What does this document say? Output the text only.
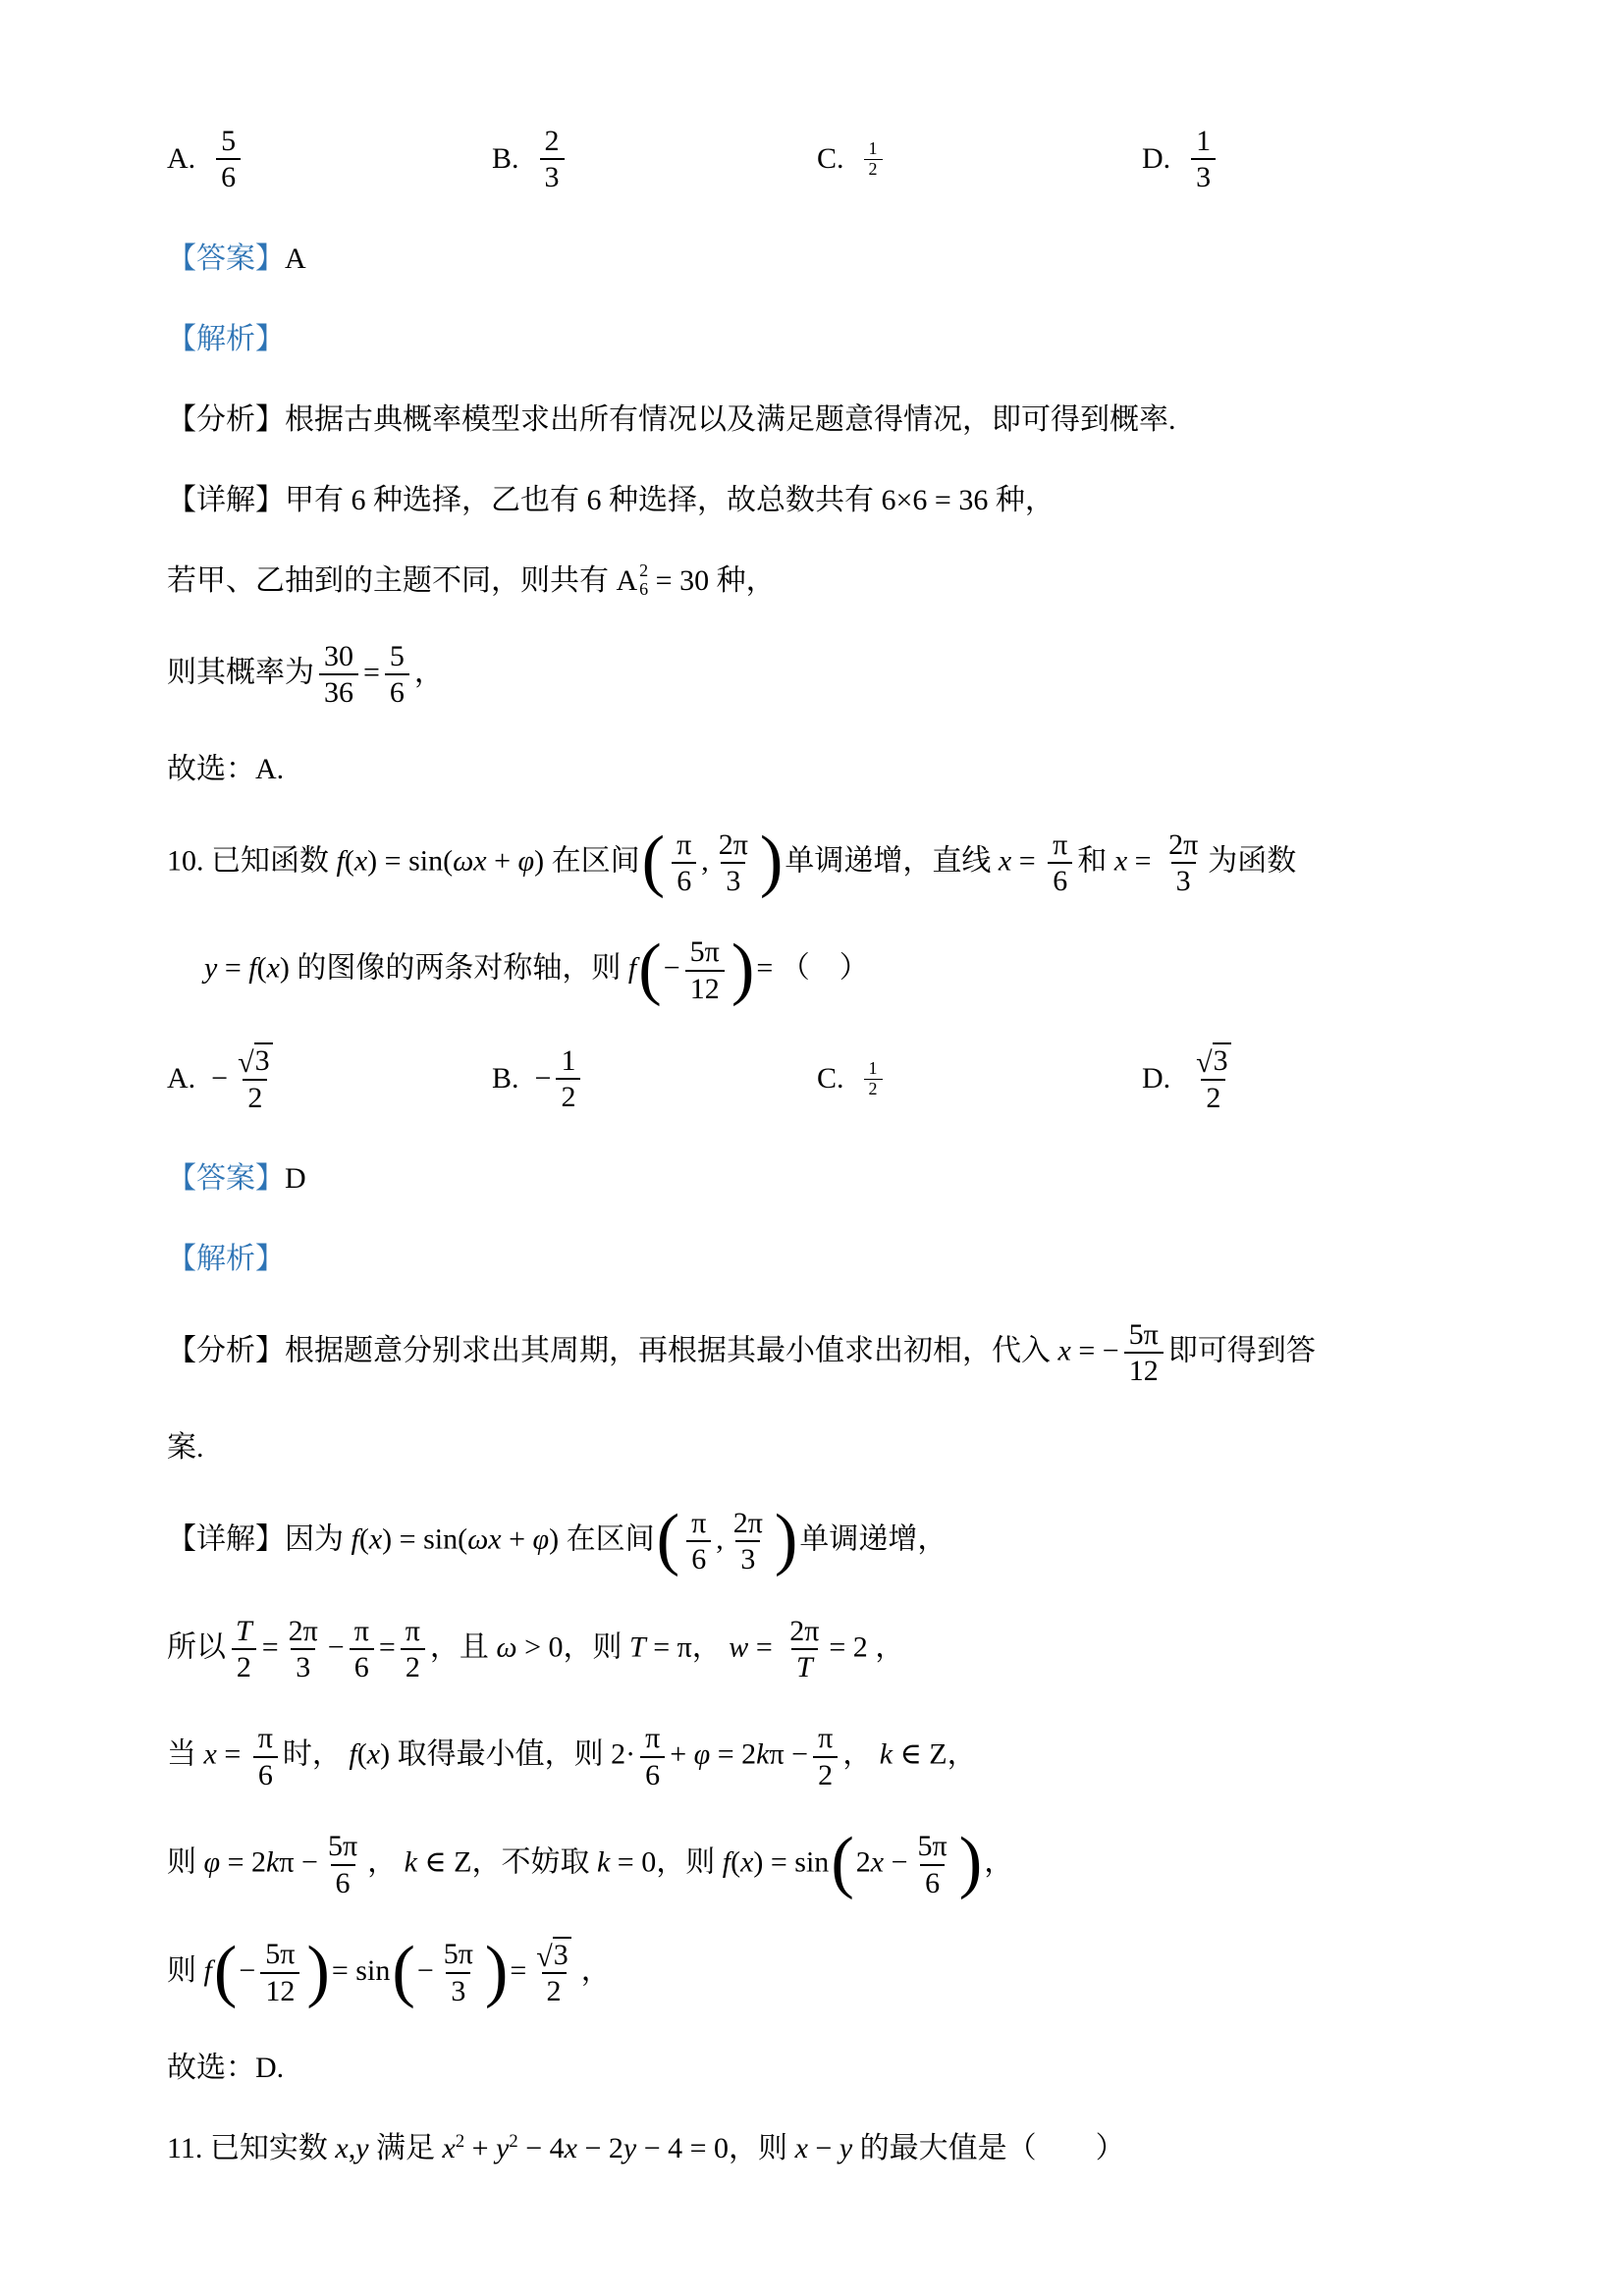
A. $\frac{5}{6}$	B. $\frac{2}{3}$	C. $\frac{1}{2}$	D. $\frac{1}{3}$
【答案】A
【解析】
【分析】根据古典概率模型求出所有情况以及满足题意得情况，即可得到概率.
【详解】甲有 6 种选择，乙也有 6 种选择，故总数共有 6×6 = 36 种，
若甲、乙抽到的主题不同，则共有 A 2
6 = 30 种，
则其概率为 $\frac{30}{36} = \frac{5}{6}$ ，
故选：A.
10. 已知函数 f(x) = sin(ωx + φ) 在区间( $\frac{\pi}{6}$ , $\frac{2\pi}{3}$ )单调递增，直线 $x = \frac{\pi}{6}$ 和 $x = \frac{2\pi}{3}$ 为函数
y = f(x) 的图像的两条对称轴，则 $f(- \frac{5\pi}{12}$ )= （　）
A. − $\frac{√ 3}{2}$	B. − $\frac{1}{2}$	C. $\frac{1}{2}$	D. $\frac{√ 3}{2}$
【答案】D
【解析】
【分析】根据题意分别求出其周期，再根据其最小值求出初相，代入 x = − $\frac{5\pi}{12}$ 即可得到答
案.
【详解】因为 f(x) = sin(ωx + φ) 在区间( $\frac{\pi}{6}$ , $\frac{2\pi}{3}$ )单调递增，
所以 $\frac{T}{2} = \frac{2\pi}{3} - \frac{\pi}{6} = \frac{\pi}{2}$ ，且 ω > 0，则 T = π， $w = \frac{2\pi}{T} = 2$ ，
当 $x = \frac{\pi}{6}$ 时， f(x) 取得最小值，则 $2\cdot \frac{\pi}{6} + \varphi = 2k\pi - \frac{\pi}{2}$ ， k ∈ Z，
则 $\varphi = 2k\pi - \frac{5\pi}{6}$ ， k ∈ Z，不妨取 k = 0，则 $f(x) = \sin(2x - \frac{5\pi}{6}$ )，
则 $f(- \frac{5\pi}{12}$ )= $\sin(- \frac{5\pi}{3}$ )= $\frac{√ 3}{2}$ ，
故选：D.
11. 已知实数 x,y 满足 $x^2 + y^2 - 4x - 2y - 4 = 0$，则 x − y 的最大值是（　　）
